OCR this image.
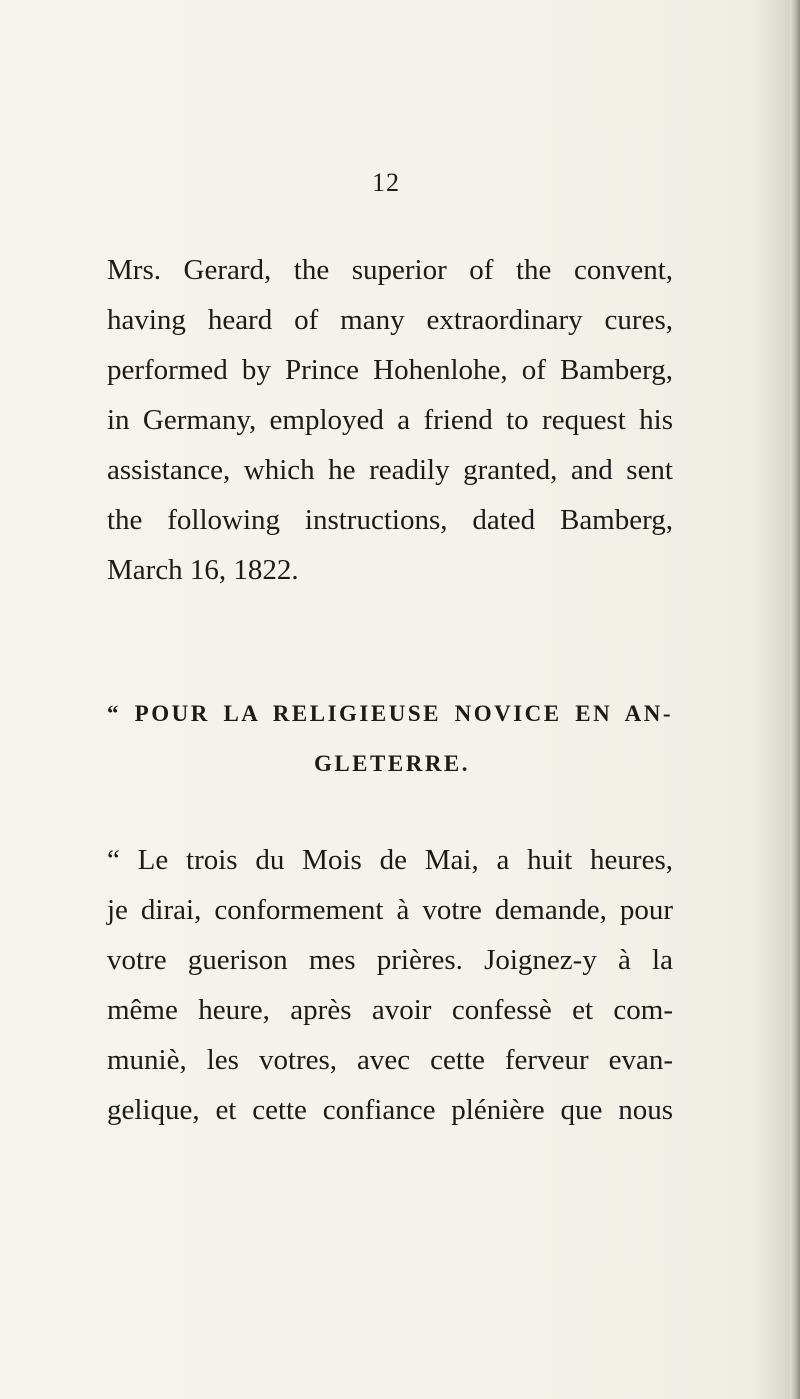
12
Mrs. Gerard, the superior of the convent,
having heard of many extraordinary cures,
performed by Prince Hohenlohe, of Bamberg,
in Germany, employed a friend to request his
assistance, which he readily granted, and sent
the following instructions, dated Bamberg,
March 16, 1822.
“ POUR LA RELIGIEUSE NOVICE EN AN-
GLETERRE.
“ Le trois du Mois de Mai, a huit heures,
je dirai, conformement à votre demande, pour
votre guerison mes prières. Joignez-y à la
même heure, après avoir confessè et com-
muniè, les votres, avec cette ferveur evan-
gelique, et cette confiance plénière que nous
